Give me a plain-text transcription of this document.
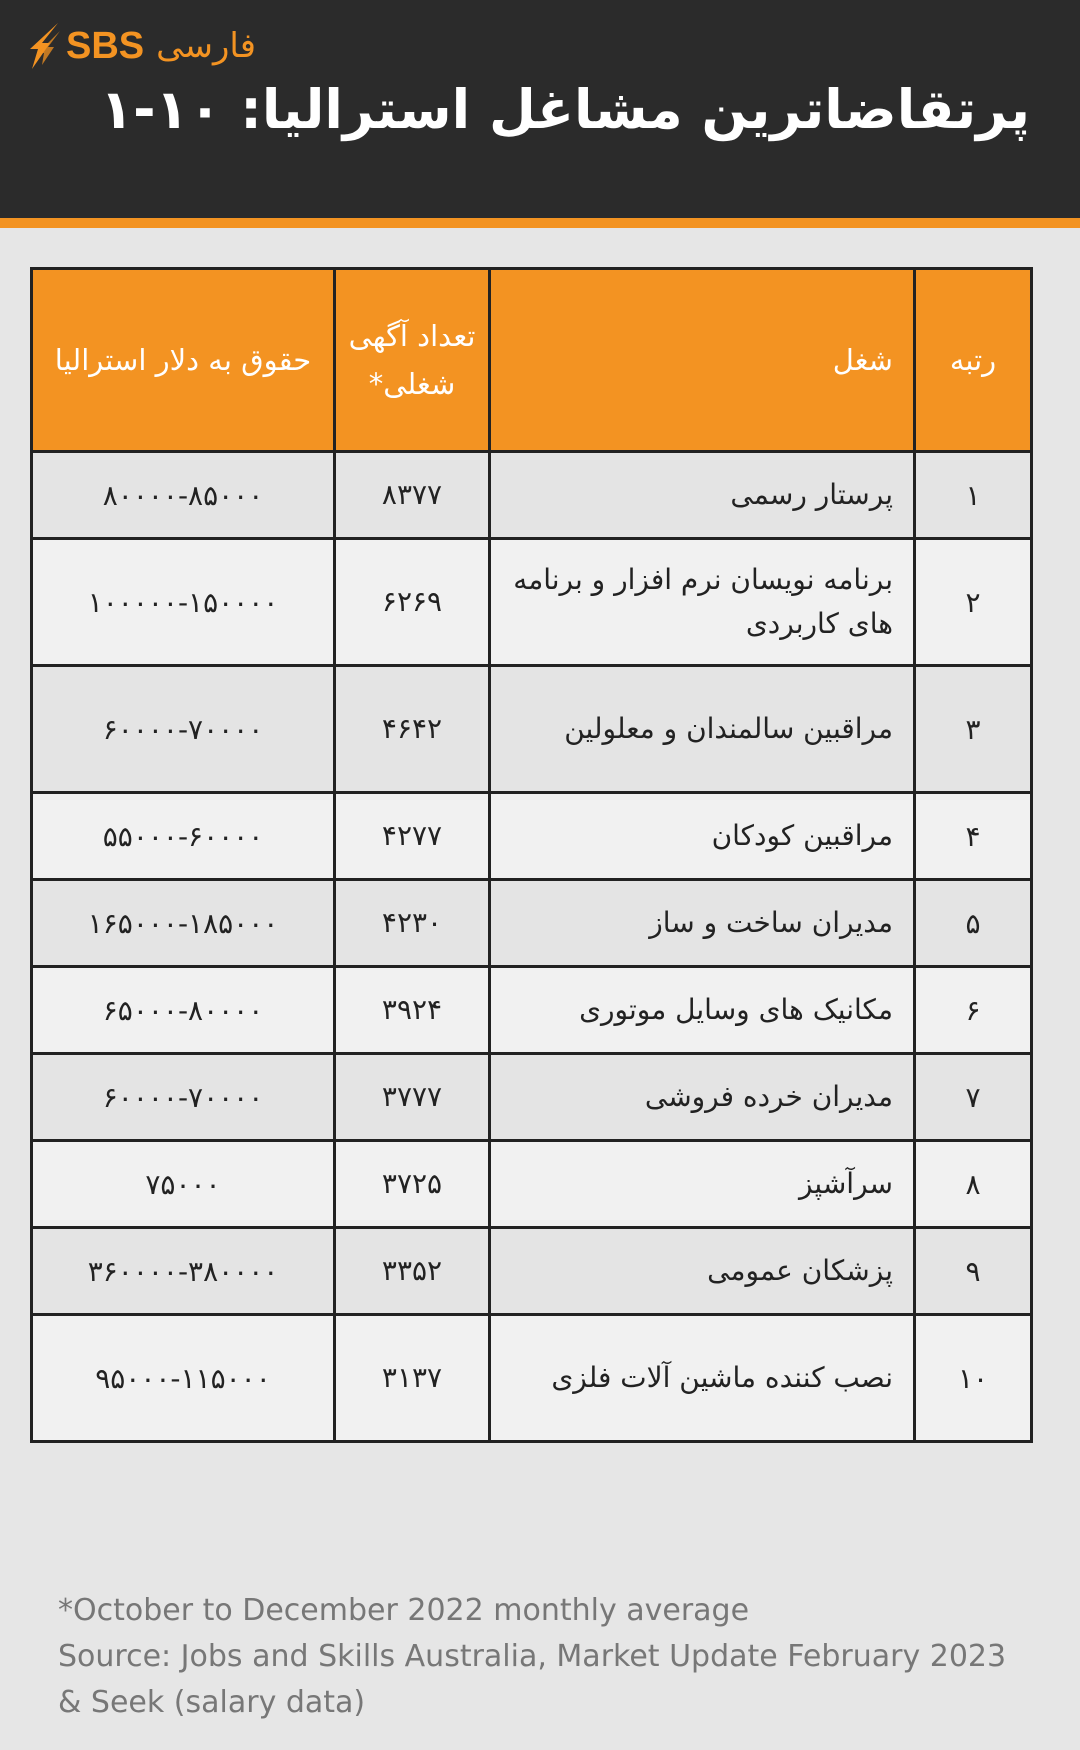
SBS فارسی
پرتقاضاترین مشاغل استرالیا: ۱۰-۱
رتبه	شغل	تعداد آگهی شغلی*	حقوق به دلار استرالیا
۱	پرستار رسمی	۸۳۷۷	۸۰۰۰۰-۸۵۰۰۰
۲	برنامه نویسان نرم افزار و برنامه های کاربردی	۶۲۶۹	۱۰۰۰۰۰-۱۵۰۰۰۰
۳	مراقبین سالمندان و معلولین	۴۶۴۲	۶۰۰۰۰-۷۰۰۰۰
۴	مراقبین کودکان	۴۲۷۷	۵۵۰۰۰-۶۰۰۰۰
۵	مدیران ساخت و ساز	۴۲۳۰	۱۶۵۰۰۰-۱۸۵۰۰۰
۶	مکانیک های وسایل موتوری	۳۹۲۴	۶۵۰۰۰-۸۰۰۰۰
۷	مدیران خرده فروشی	۳۷۷۷	۶۰۰۰۰-۷۰۰۰۰
۸	سرآشپز	۳۷۲۵	۷۵۰۰۰
۹	پزشکان عمومی	۳۳۵۲	۳۶۰۰۰۰-۳۸۰۰۰۰
۱۰	نصب کننده ماشین آلات فلزی	۳۱۳۷	۹۵۰۰۰-۱۱۵۰۰۰
*October to December 2022 monthly average
Source: Jobs and Skills Australia, Market Update February 2023
& Seek (salary data)
